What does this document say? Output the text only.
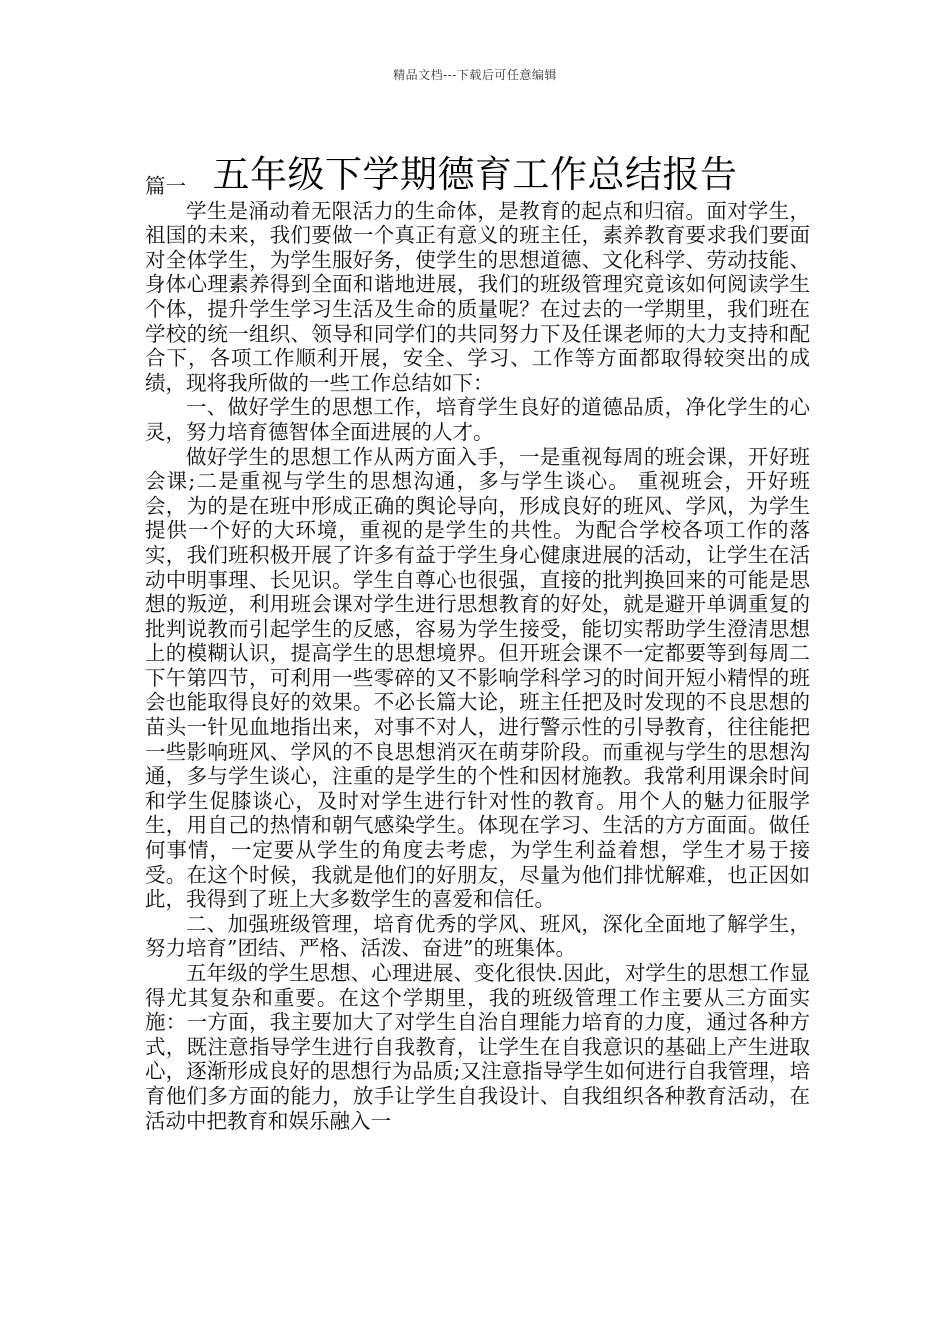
精品文档---下载后可任意编辑
五年级下学期德育工作总结报告

篇一

学生是涌动着无限活力的生命体，是教育的起点和归宿。面对学生，祖国的未来，我们要做一个真正有意义的班主任，素养教育要求我们要面对全体学生，为学生服好务，使学生的思想道德、文化科学、劳动技能、身体心理素养得到全面和谐地进展，我们的班级管理究竟该如何阅读学生个体，提升学生学习生活及生命的质量呢？在过去的一学期里，我们班在学校的统一组织、领导和同学们的共同努力下及任课老师的大力支持和配合下，各项工作顺利开展，安全、学习、工作等方面都取得较突出的成绩，现将我所做的一些工作总结如下：

一、做好学生的思想工作，培育学生良好的道德品质，净化学生的心灵，努力培育德智体全面进展的人才。

做好学生的思想工作从两方面入手，一是重视每周的班会课，开好班会课;二是重视与学生的思想沟通，多与学生谈心。 重视班会，开好班会，为的是在班中形成正确的舆论导向，形成良好的班风、学风，为学生提供一个好的大环境，重视的是学生的共性。为配合学校各项工作的落实，我们班积极开展了许多有益于学生身心健康进展的活动，让学生在活动中明事理、长见识。学生自尊心也很强，直接的批判换回来的可能是思想的叛逆，利用班会课对学生进行思想教育的好处，就是避开单调重复的批判说教而引起学生的反感，容易为学生接受，能切实帮助学生澄清思想上的模糊认识，提高学生的思想境界。但开班会课不一定都要等到每周二下午第四节，可利用一些零碎的又不影响学科学习的时间开短小精悍的班会也能取得良好的效果。不必长篇大论，班主任把及时发现的不良思想的苗头一针见血地指出来，对事不对人，进行警示性的引导教育，往往能把一些影响班风、学风的不良思想消灭在萌芽阶段。而重视与学生的思想沟通，多与学生谈心，注重的是学生的个性和因材施教。我常利用课余时间和学生促膝谈心，及时对学生进行针对性的教育。用个人的魅力征服学生，用自己的热情和朝气感染学生。体现在学习、生活的方方面面。做任何事情，一定要从学生的角度去考虑，为学生利益着想，学生才易于接受。在这个时候，我就是他们的好朋友，尽量为他们排忧解难，也正因如此，我得到了班上大多数学生的喜爱和信任。

二、加强班级管理，培育优秀的学风、班风，深化全面地了解学生，努力培育”团结、严格、活泼、奋进”的班集体。

五年级的学生思想、心理进展、变化很快.因此，对学生的思想工作显得尤其复杂和重要。在这个学期里，我的班级管理工作主要从三方面实施：一方面，我主要加大了对学生自治自理能力培育的力度，通过各种方式，既注意指导学生进行自我教育，让学生在自我意识的基础上产生进取心，逐渐形成良好的思想行为品质;又注意指导学生如何进行自我管理，培育他们多方面的能力，放手让学生自我设计、自我组织各种教育活动，在活动中把教育和娱乐融入一
